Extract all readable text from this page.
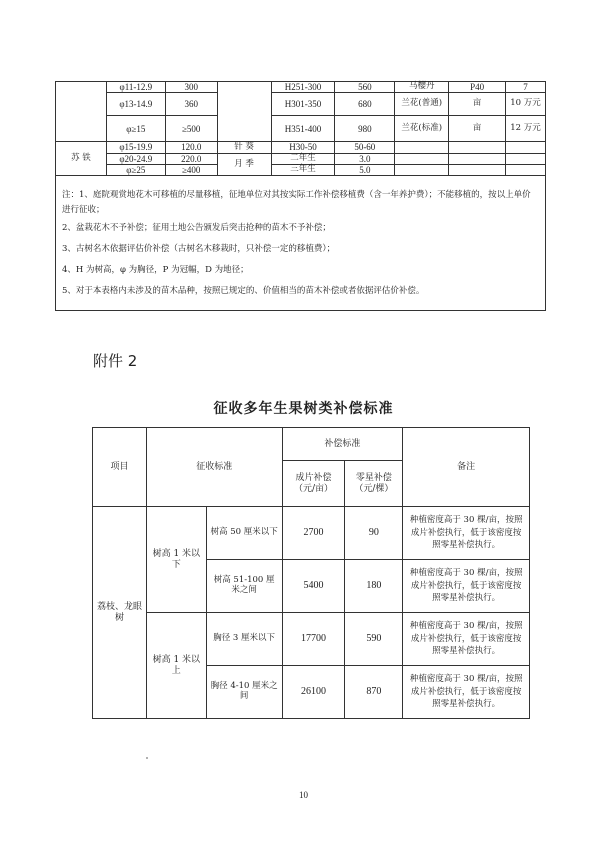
	φ11-12.9	300		H251-300	560	马樱丹	P40	7
	φ13-14.9	360		H301-350	680	兰花(普通)	亩	10 万元
	φ≥15	≥500		H351-400	980	兰花(标准)	亩	12 万元
苏 铁	φ15-19.9	120.0	针 葵	H30-50	50-60			
	φ20-24.9	220.0	月 季	二年生	3.0			
	φ≥25	≥400		三年生	5.0			

注：1、庭院观赏地花木可移植的尽量移植，征地单位对其按实际工作补偿移植费（含一年养护费）；不能移植的，按以上单价进行征收；

2、盆栽花木不予补偿；征用土地公告颁发后突击抢种的苗木不予补偿；

3、古树名木依据评估价补偿（古树名木移栽时，只补偿一定的移植费）；

4、H 为树高，φ 为胸径，P 为冠幅，D 为地径；

5、对于本表格内未涉及的苗木品种，按照已规定的、价值相当的苗木补偿或者依据评估价补偿。								

附件 2
征收多年生果树类补偿标准
项目	征收标准		补偿标准		备注
			成片补偿（元/亩）	零星补偿（元/棵）	
荔枝、龙眼树	树高 1 米以下	树高 50 厘米以下	2700	90	种植密度高于 30 棵/亩，按照成片补偿执行，低于该密度按照零星补偿执行。
		树高 51-100 厘米之间	5400	180	种植密度高于 30 棵/亩，按照成片补偿执行，低于该密度按照零星补偿执行。
	树高 1 米以上	胸径 3 厘米以下	17700	590	种植密度高于 30 棵/亩，按照成片补偿执行，低于该密度按照零星补偿执行。
		胸径 4-10 厘米之间	26100	870	种植密度高于 30 棵/亩，按照成片补偿执行，低于该密度按照零星补偿执行。
10
